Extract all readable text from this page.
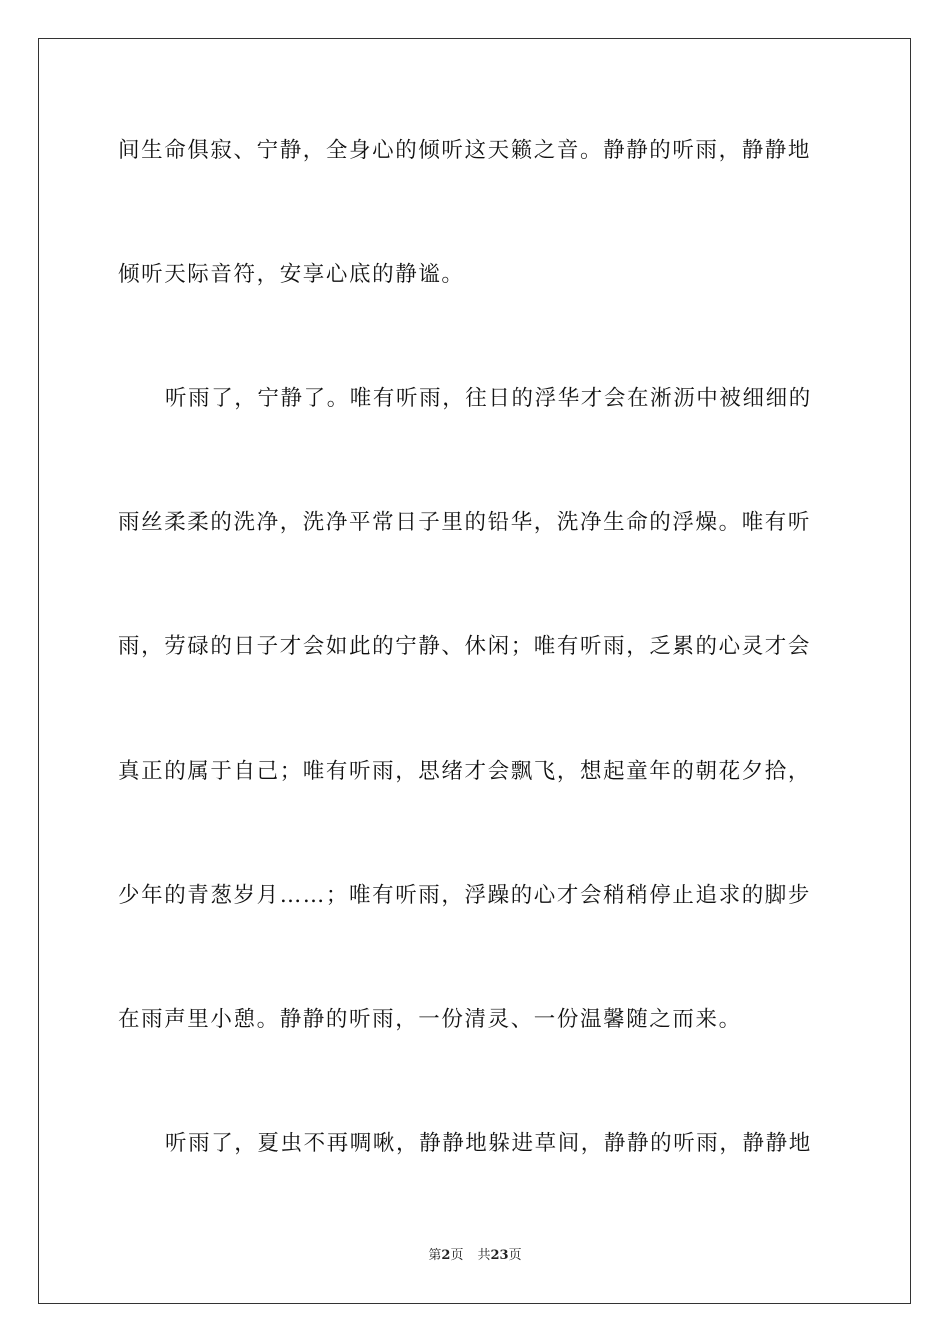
间生命俱寂、宁静，全身心的倾听这天籁之音。静静的听雨，静静地
倾听天际音符，安享心底的静谧。
听雨了，宁静了。唯有听雨，往日的浮华才会在淅沥中被细细的
雨丝柔柔的洗净，洗净平常日子里的铅华，洗净生命的浮燥。唯有听
雨，劳碌的日子才会如此的宁静、休闲；唯有听雨，乏累的心灵才会
真正的属于自己；唯有听雨，思绪才会飘飞，想起童年的朝花夕拾，
少年的青葱岁月……；唯有听雨，浮躁的心才会稍稍停止追求的脚步
在雨声里小憩。静静的听雨，一份清灵、一份温馨随之而来。
听雨了，夏虫不再啁啾，静静地躲进草间，静静的听雨，静静地
第2页 共23页
